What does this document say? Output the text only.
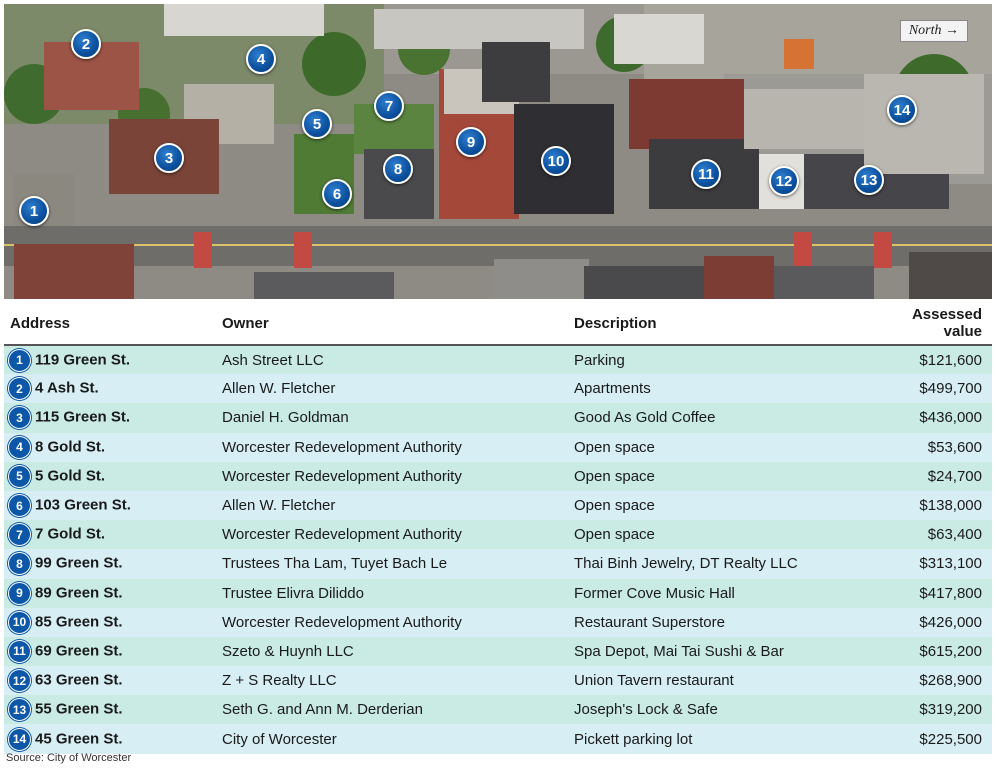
North →
1
2
3
4
5
6
7
8
9
10
11	12	13
14
Address	Owner	Description	Assessed value
1 119 Green St.	Ash Street LLC	Parking	$121,600
2 4 Ash St.	Allen W. Fletcher	Apartments	$499,700
3 115 Green St.	Daniel H. Goldman	Good As Gold Coffee	$436,000
4 8 Gold St.	Worcester Redevelopment Authority	Open space	$53,600
5 5 Gold St.	Worcester Redevelopment Authority	Open space	$24,700
6 103 Green St.	Allen W. Fletcher	Open space	$138,000
7 7 Gold St.	Worcester Redevelopment Authority	Open space	$63,400
8 99 Green St.	Trustees Tha Lam, Tuyet Bach Le	Thai Binh Jewelry, DT Realty LLC	$313,100
9 89 Green St.	Trustee Elivra Diliddo	Former Cove Music Hall	$417,800
10 85 Green St.	Worcester Redevelopment Authority	Restaurant Superstore	$426,000
11 69 Green St.	Szeto & Huynh LLC	Spa Depot, Mai Tai Sushi & Bar	$615,200
12 63 Green St.	Z + S Realty LLC	Union Tavern restaurant	$268,900
13 55 Green St.	Seth G. and Ann M. Derderian	Joseph's Lock & Safe	$319,200
14 45 Green St.	City of Worcester	Pickett parking lot	$225,500
Source: City of Worcester
